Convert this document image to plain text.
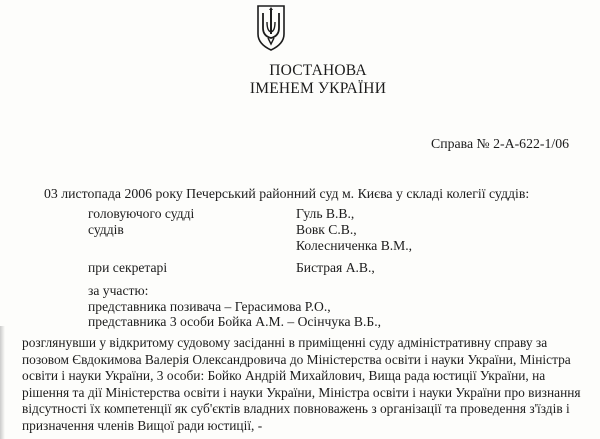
ПОСТАНОВА
ІМЕНЕМ УКРАЇНИ
Справа № 2-А-622-1/06
03 листопада 2006 року Печерський районний суд м. Києва у складі колегії суддів:
головуючого судді	Гуль В.В.,
суддів	Вовк С.В.,
Колесниченка В.М.,
при секретарі	Бистрая А.В.,
за участю:
представника позивача – Герасимова Р.О.,
представника 3 особи Бойка А.М. – Осінчука В.Б.,
розглянувши у відкритому судовому засіданні в приміщенні суду адміністративну справу за
позовом Євдокимова Валерія Олександровича до Міністерства освіти і науки України, Міністра
освіти і науки України, 3 особи: Бойко Андрій Михайлович, Вища рада юстиції України, на
рішення та дії Міністерства освіти і науки України, Міністра освіти і науки України про визнання
відсутності їх компетенції як суб'єктів владних повноважень з організації та проведення з'їздів і
призначення членів Вищої ради юстиції, -
